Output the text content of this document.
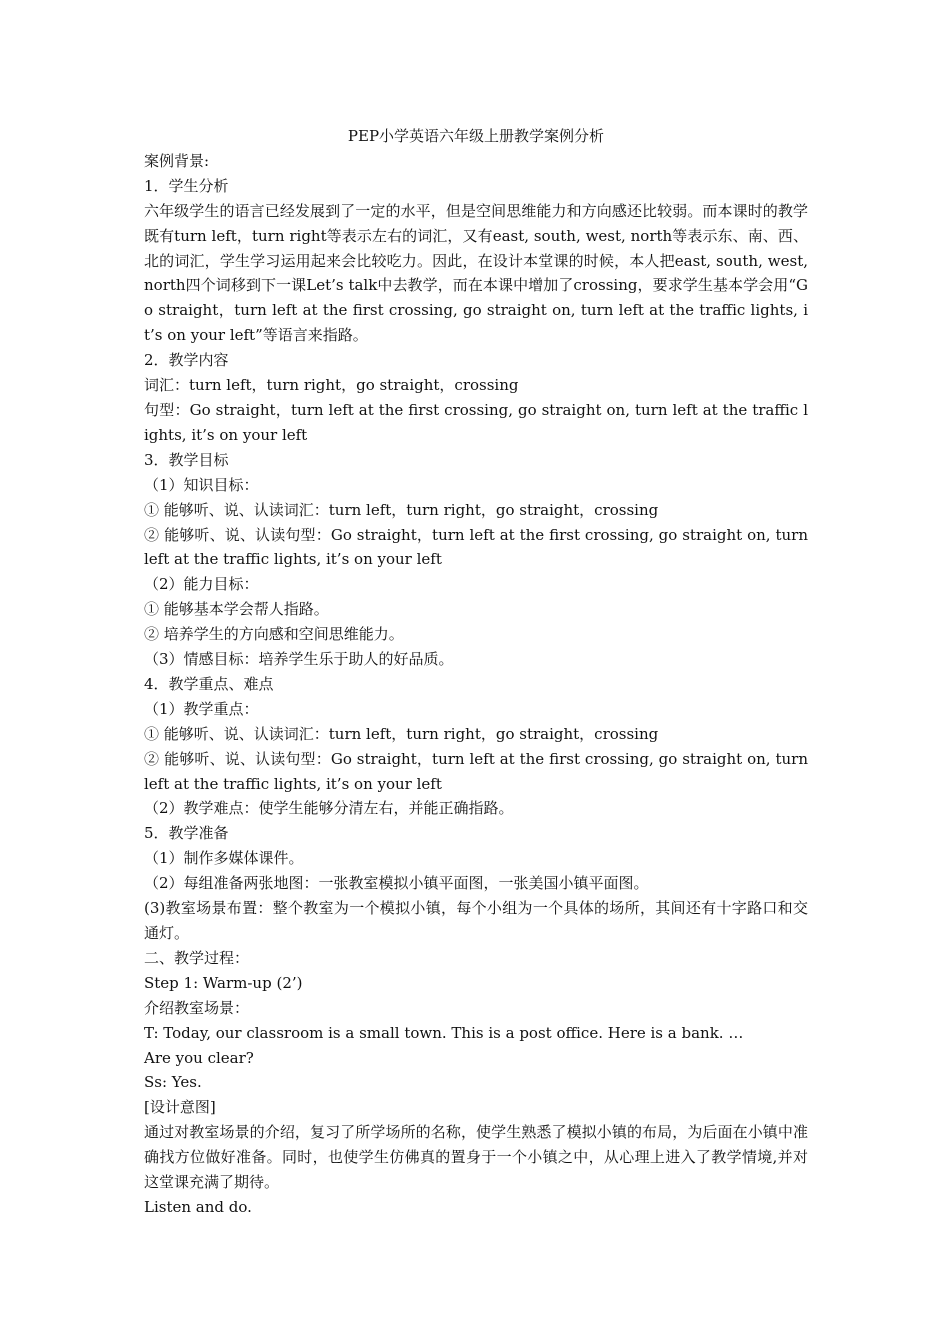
PEP小学英语六年级上册教学案例分析

案例背景:

1．学生分析

六年级学生的语言已经发展到了一定的水平，但是空间思维能力和方向感还比较弱。而本课时的教学既有turn left，turn right等表示左右的词汇，又有east, south, west, north等表示东、南、西、北的词汇，学生学习运用起来会比较吃力。因此，在设计本堂课的时候，本人把east, south, west, north四个词移到下一课Let’s talk中去教学，而在本课中增加了crossing，要求学生基本学会用“Go straight，turn left at the first crossing, go straight on, turn left at the traffic lights, it’s on your left”等语言来指路。

2．教学内容

词汇：turn left，turn right，go straight，crossing

句型：Go straight，turn left at the first crossing, go straight on, turn left at the traffic lights, it’s on your left

3．教学目标

（1）知识目标：

① 能够听、说、认读词汇：turn left，turn right，go straight，crossing

② 能够听、说、认读句型：Go straight，turn left at the first crossing, go straight on, turn left at the traffic lights, it’s on your left

（2）能力目标：

① 能够基本学会帮人指路。

② 培养学生的方向感和空间思维能力。

（3）情感目标：培养学生乐于助人的好品质。

4．教学重点、难点

（1）教学重点：

① 能够听、说、认读词汇：turn left，turn right，go straight，crossing

② 能够听、说、认读句型：Go straight，turn left at the first crossing, go straight on, turn left at the traffic lights, it’s on your left

（2）教学难点：使学生能够分清左右，并能正确指路。

5．教学准备

（1）制作多媒体课件。

（2）每组准备两张地图：一张教室模拟小镇平面图，一张美国小镇平面图。

(3)教室场景布置：整个教室为一个模拟小镇，每个小组为一个具体的场所，其间还有十字路口和交通灯。

二、教学过程：

Step 1: Warm-up (2’)

介绍教室场景：

T: Today, our classroom is a small town. This is a post office. Here is a bank. …

Are you clear?

Ss: Yes.

[设计意图]

通过对教室场景的介绍，复习了所学场所的名称，使学生熟悉了模拟小镇的布局，为后面在小镇中准确找方位做好准备。同时，也使学生仿佛真的置身于一个小镇之中，从心理上进入了教学情境,并对这堂课充满了期待。

Listen and do.
